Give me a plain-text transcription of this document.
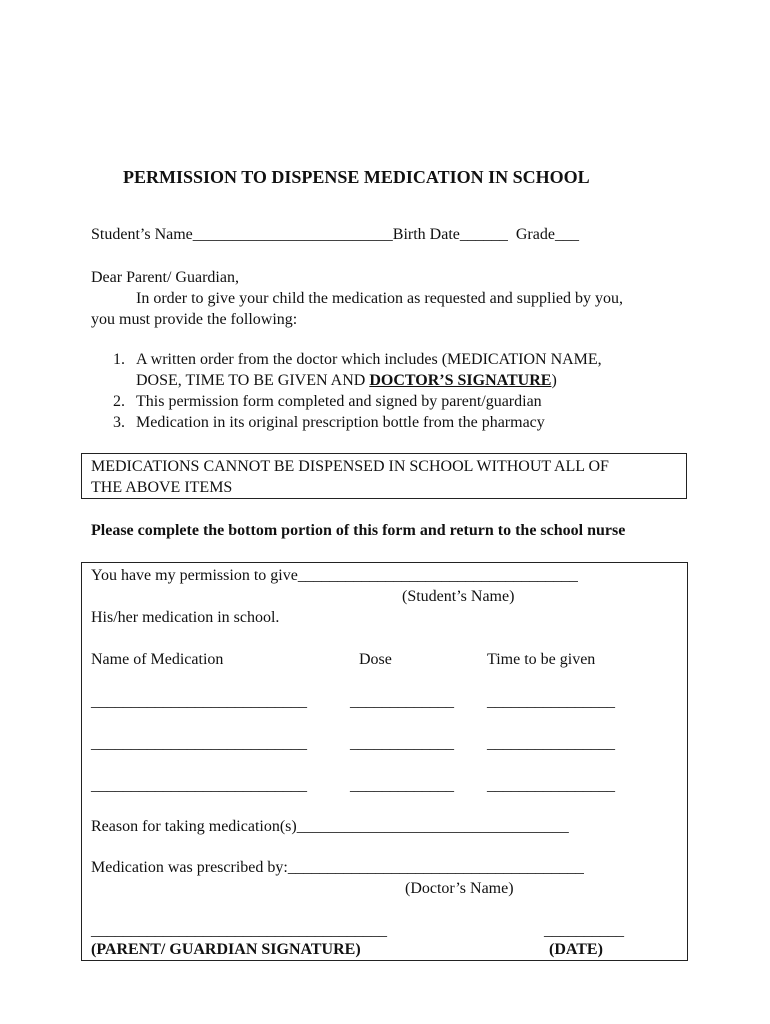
PERMISSION TO DISPENSE MEDICATION IN SCHOOL
Student’s Name_________________________Birth Date______  Grade___
Dear Parent/ Guardian,
In order to give your child the medication as requested and supplied by you,
you must provide the following:
1. A written order from the doctor which includes (MEDICATION NAME,
DOSE, TIME TO BE GIVEN AND DOCTOR’S SIGNATURE)
2. This permission form completed and signed by parent/guardian
3. Medication in its original prescription bottle from the pharmacy
MEDICATIONS CANNOT BE DISPENSED IN SCHOOL WITHOUT ALL OF
THE ABOVE ITEMS
Please complete the bottom portion of this form and return to the school nurse
You have my permission to give___________________________________
(Student’s Name)
His/her medication in school.
Name of Medication	Dose	Time to be given
___________________________	_____________ ________________
___________________________	_____________ ________________
___________________________	_____________ ________________
Reason for taking medication(s)__________________________________
Medication was prescribed by:_____________________________________
(Doctor’s Name)
_____________________________________	__________
(PARENT/ GUARDIAN SIGNATURE)	(DATE)
